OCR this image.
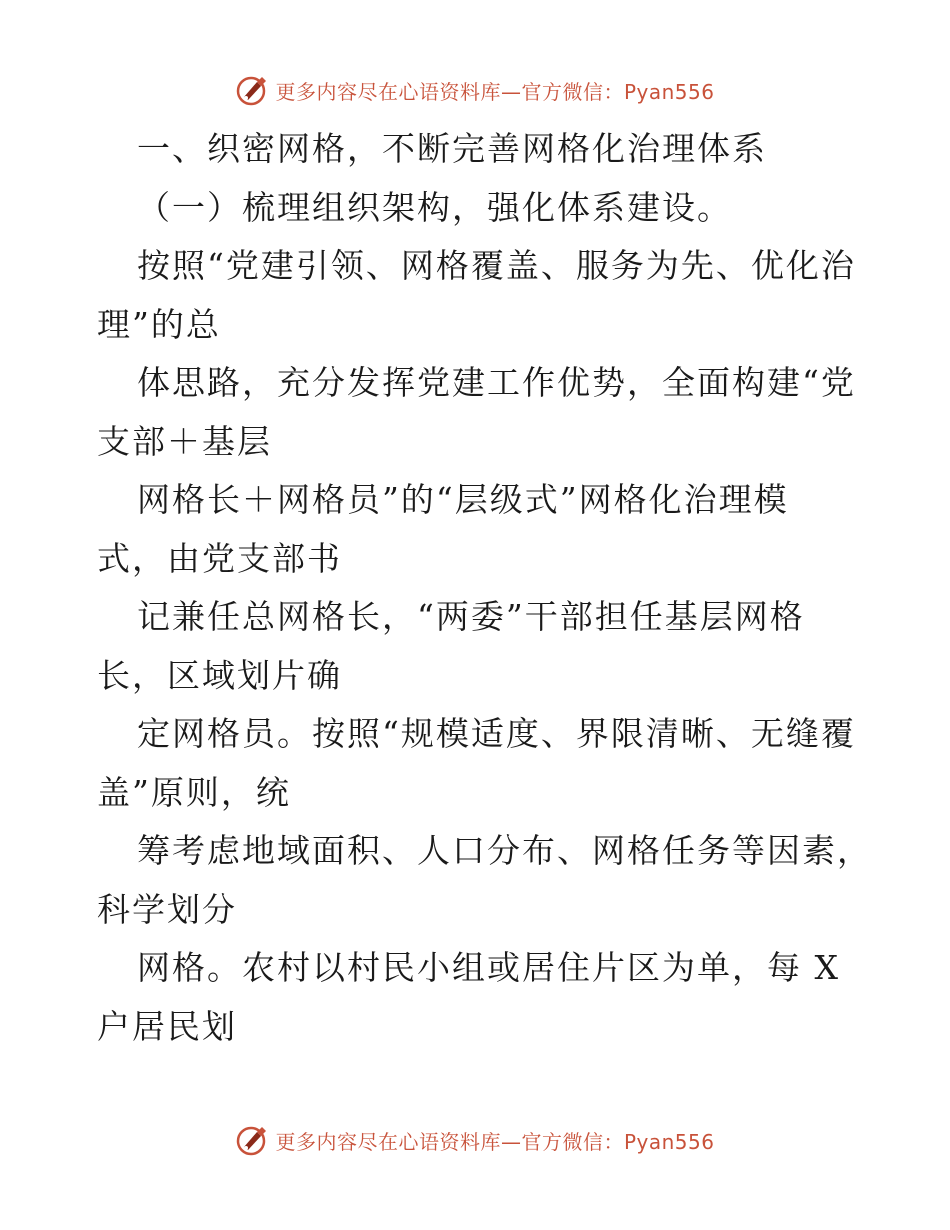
更多内容尽在心语资料库—官方微信：Pyan556
一、织密网格，不断完善网格化治理体系
（一）梳理组织架构，强化体系建设。
按照“党建引领、网格覆盖、服务为先、优化治
理”的总
体思路，充分发挥党建工作优势，全面构建“党
支部＋基层
网格长＋网格员”的“层级式”网格化治理模
式，由党支部书
记兼任总网格长，“两委”干部担任基层网格
长，区域划片确
定网格员。按照“规模适度、界限清晰、无缝覆
盖”原则，统
筹考虑地域面积、人口分布、网格任务等因素，
科学划分
网格。农村以村民小组或居住片区为单，每 X
户居民划
更多内容尽在心语资料库—官方微信：Pyan556
